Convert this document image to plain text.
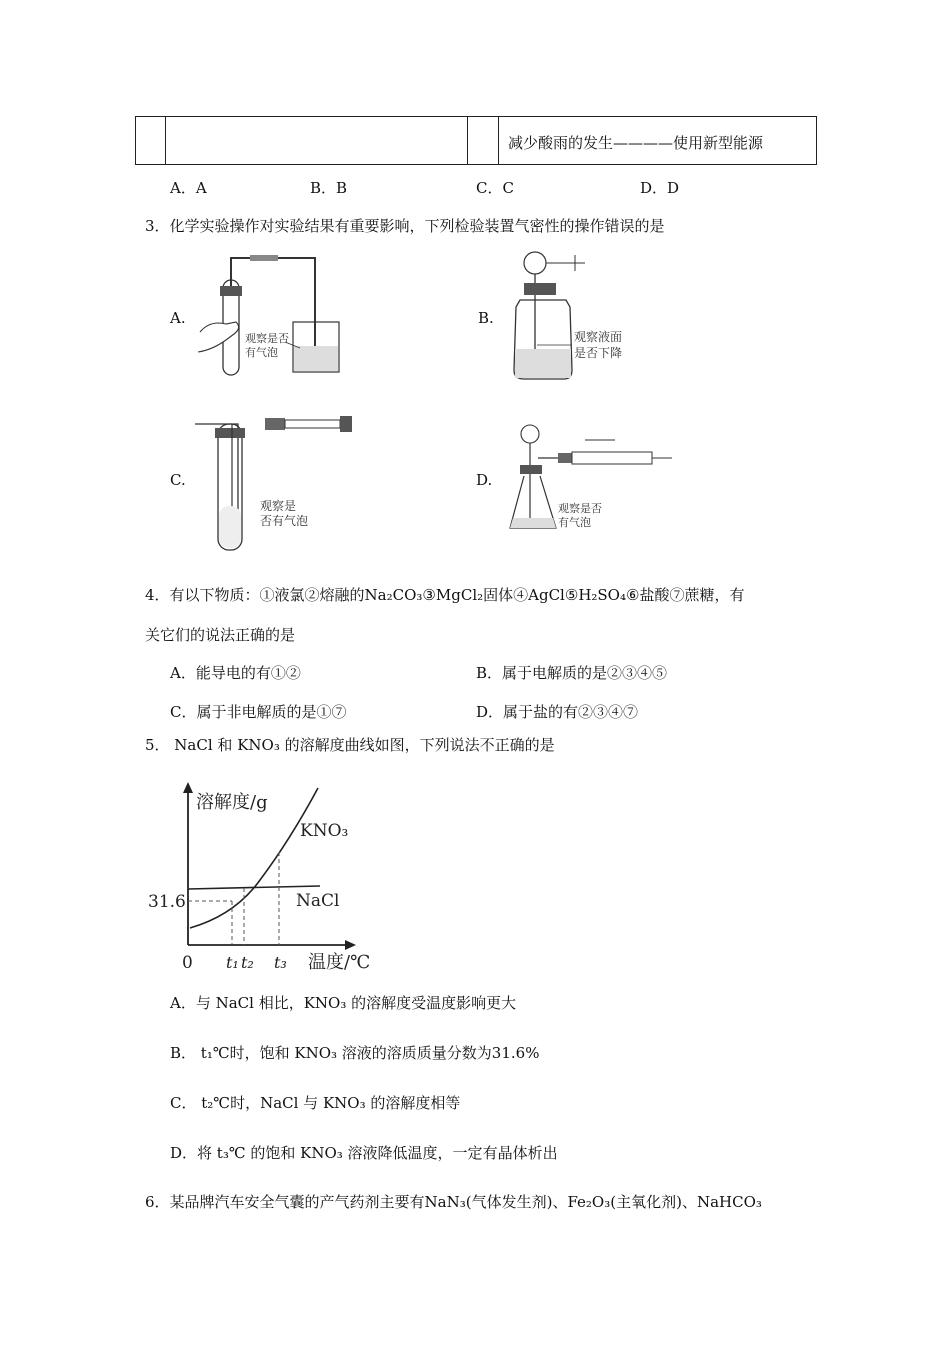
减少酸雨的发生————使用新型能源
A．A	B．B	C．C	D．D
3．化学实验操作对实验结果有重要影响，下列检验装置气密性的操作错误的是
A.	B.
C.	D.
观察是否
有气泡
观察液面
是否下降
观察是
否有气泡
观察是否
有气泡
4．有以下物质：①液氯②熔融的Na₂CO₃③MgCl₂固体④AgCl⑤H₂SO₄⑥盐酸⑦蔗糖，有
关它们的说法正确的是
A．能导电的有①②	B．属于电解质的是②③④⑤
C．属于非电解质的是①⑦	D．属于盐的有②③④⑦
5． NaCl 和 KNO₃ 的溶解度曲线如图，下列说法不正确的是
溶解度/g
温度/℃
0
31.6
t₁ t₂ t₃
KNO₃
NaCl
A．与 NaCl 相比，KNO₃ 的溶解度受温度影响更大
B． t₁℃时，饱和 KNO₃ 溶液的溶质质量分数为31.6%
C． t₂℃时，NaCl 与 KNO₃ 的溶解度相等
D．将 t₃℃ 的饱和 KNO₃ 溶液降低温度，一定有晶体析出
6．某品牌汽车安全气囊的产气药剂主要有NaN₃(气体发生剂)、Fe₂O₃(主氧化剂)、NaHCO₃
